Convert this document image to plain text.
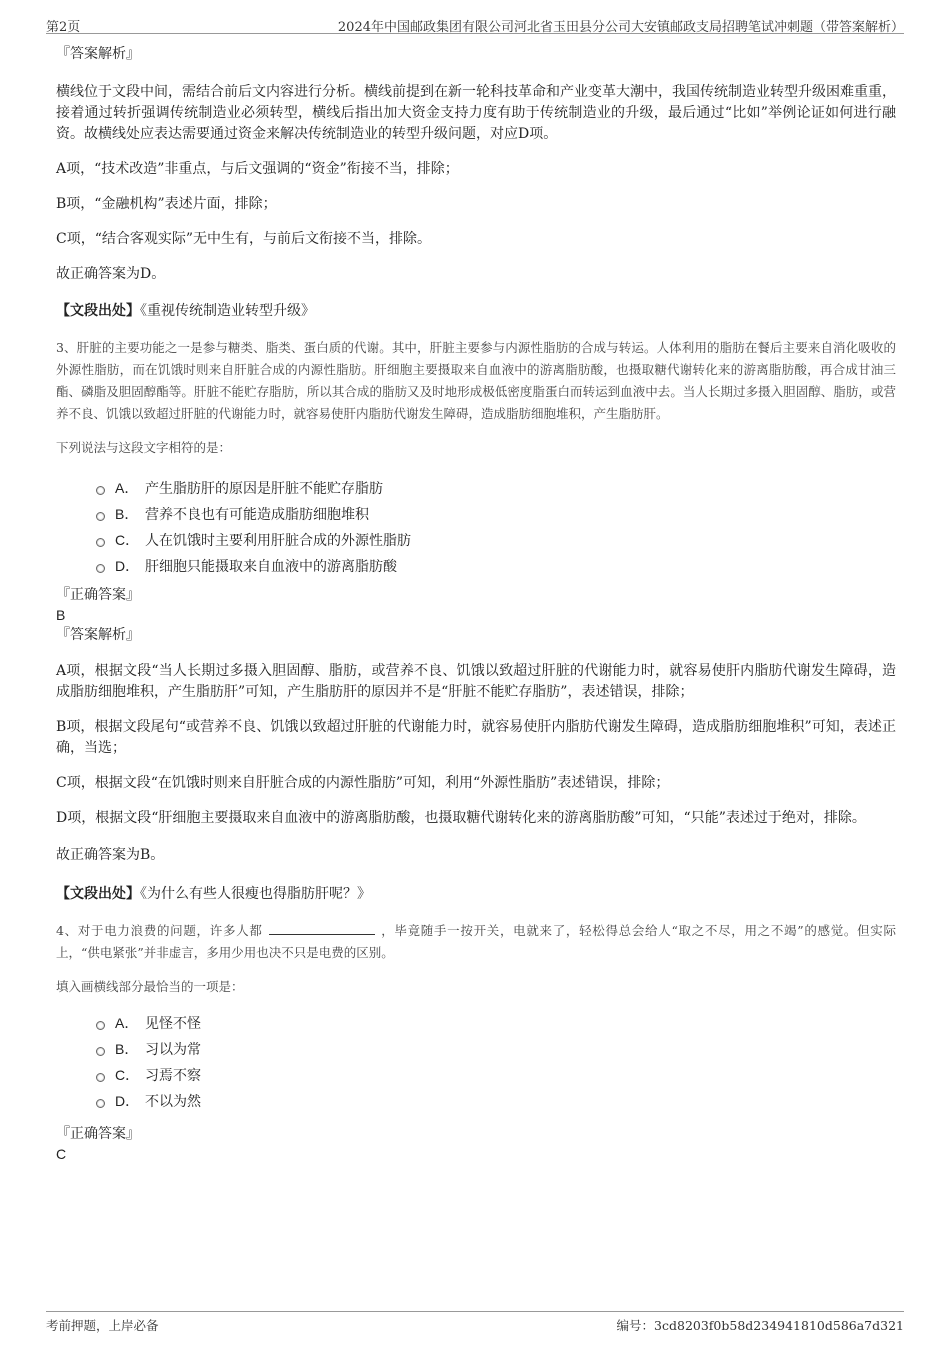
第2页	2024年中国邮政集团有限公司河北省玉田县分公司大安镇邮政支局招聘笔试冲刺题（带答案解析）
『答案解析』
横线位于文段中间，需结合前后文内容进行分析。横线前提到在新一轮科技革命和产业变革大潮中，我国传统制造业转型升级困难重重，接着通过转折强调传统制造业必须转型，横线后指出加大资金支持力度有助于传统制造业的升级，最后通过“比如”举例论证如何进行融资。故横线处应表达需要通过资金来解决传统制造业的转型升级问题，对应D项。
A项，“技术改造”非重点，与后文强调的“资金”衔接不当，排除；
B项，“金融机构”表述片面，排除；
C项，“结合客观实际”无中生有，与前后文衔接不当，排除。
故正确答案为D。
【文段出处】《重视传统制造业转型升级》
3、肝脏的主要功能之一是参与糖类、脂类、蛋白质的代谢。其中，肝脏主要参与内源性脂肪的合成与转运。人体利用的脂肪在餐后主要来自消化吸收的外源性脂肪，而在饥饿时则来自肝脏合成的内源性脂肪。肝细胞主要摄取来自血液中的游离脂肪酸，也摄取糖代谢转化来的游离脂肪酸，再合成甘油三酯、磷脂及胆固醇酯等。肝脏不能贮存脂肪，所以其合成的脂肪又及时地形成极低密度脂蛋白而转运到血液中去。当人长期过多摄入胆固醇、脂肪，或营养不良、饥饿以致超过肝脏的代谢能力时，就容易使肝内脂肪代谢发生障碍，造成脂肪细胞堆积，产生脂肪肝。
下列说法与这段文字相符的是：
A． 产生脂肪肝的原因是肝脏不能贮存脂肪
B． 营养不良也有可能造成脂肪细胞堆积
C． 人在饥饿时主要利用肝脏合成的外源性脂肪
D． 肝细胞只能摄取来自血液中的游离脂肪酸
『正确答案』
B
『答案解析』
A项，根据文段“当人长期过多摄入胆固醇、脂肪，或营养不良、饥饿以致超过肝脏的代谢能力时，就容易使肝内脂肪代谢发生障碍，造成脂肪细胞堆积，产生脂肪肝”可知，产生脂肪肝的原因并不是“肝脏不能贮存脂肪”，表述错误，排除；
B项，根据文段尾句“或营养不良、饥饿以致超过肝脏的代谢能力时，就容易使肝内脂肪代谢发生障碍，造成脂肪细胞堆积”可知，表述正确，当选；
C项，根据文段“在饥饿时则来自肝脏合成的内源性脂肪”可知，利用“外源性脂肪”表述错误，排除；
D项，根据文段“肝细胞主要摄取来自血液中的游离脂肪酸，也摄取糖代谢转化来的游离脂肪酸”可知，“只能”表述过于绝对，排除。
故正确答案为B。
【文段出处】《为什么有些人很瘦也得脂肪肝呢？》
4、对于电力浪费的问题，许多人都	，毕竟随手一按开关，电就来了，轻松得总会给人“取之不尽，用之不竭”的感觉。但实际上，“供电紧张”并非虚言，多用少用也决不只是电费的区别。
填入画横线部分最恰当的一项是：
A． 见怪不怪
B． 习以为常
C． 习焉不察
D． 不以为然
『正确答案』
C
考前押题，上岸必备	编号：3cd8203f0b58d234941810d586a7d321
